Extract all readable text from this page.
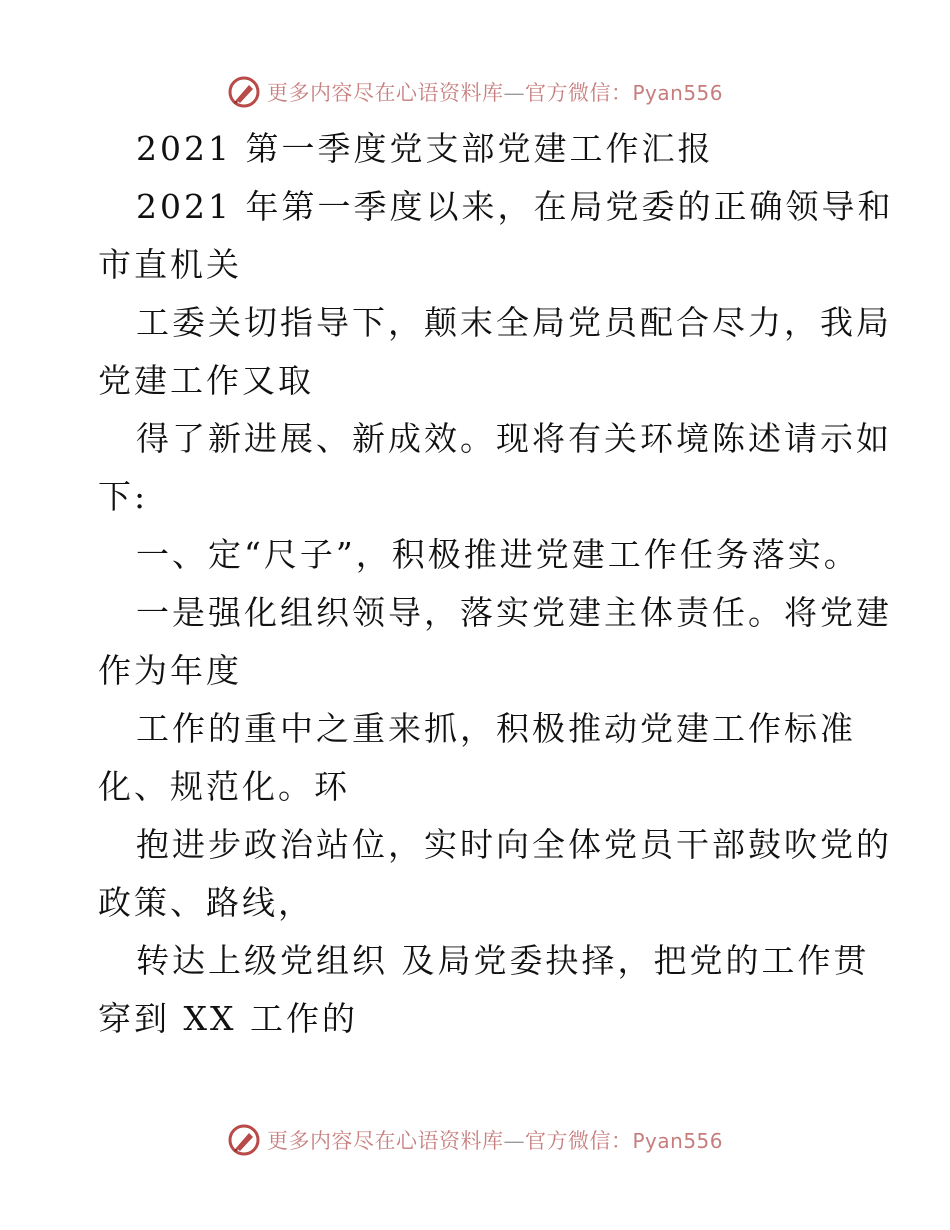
更多内容尽在心语资料库—官方微信：Pyan556
2021 第一季度党支部党建工作汇报
2021 年第一季度以来，在局党委的正确领导和
市直机关
工委关切指导下，颠末全局党员配合尽力，我局
党建工作又取
得了新进展、新成效。现将有关环境陈述请示如
下:
一、定“尺子”，积极推进党建工作任务落实。
一是强化组织领导，落实党建主体责任。将党建
作为年度
工作的重中之重来抓，积极推动党建工作标准
化、规范化。环
抱进步政治站位，实时向全体党员干部鼓吹党的
政策、路线，
转达上级党组织 及局党委抉择，把党的工作贯
穿到 XX 工作的
更多内容尽在心语资料库—官方微信：Pyan556
